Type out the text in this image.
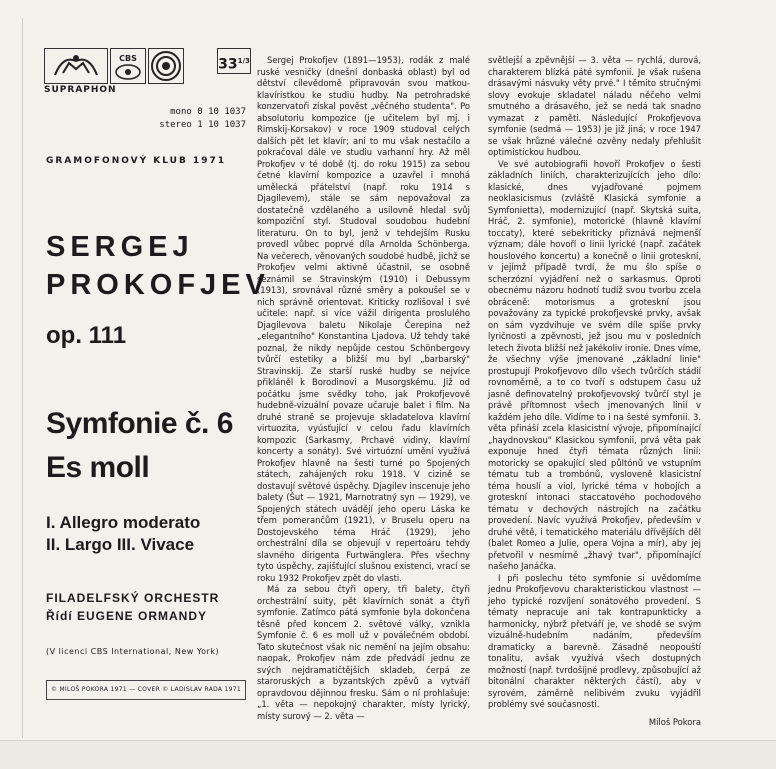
CBS	$33^{1/3}$
SUPRAPHON
mono 0 10 1037
stereo 1 10 1037
GRAMOFONOVÝ KLUB 1971
SERGEJ
PROKOFJEV
op. 111
Symfonie č. 6
Es moll
I. Allegro moderato
II. Largo III. Vivace
FILADELFSKÝ ORCHESTR
Řídí EUGENE ORMANDY
(V licenci CBS International, New York)
© MILOŠ POKORA 1971 — COVER © LADISLAV RADA 1971

Sergej Prokofjev (1891—1953), rodák z malé ruské vesničky (dnešní donbaská oblast) byl od dětství cílevědomě připravován svou matkou-klavíristkou ke studiu hudby. Na petrohradské konzervatoři získal pověst „věčného studenta". Po absolutoriu kompozice (je učitelem byl mj. i Rimskij-Korsakov) v roce 1909 studoval celých dalších pět let klavír; ani to mu však nestačilo a pokračoval dále ve studiu varhanní hry. Až měl Prokofjev v té době (tj. do roku 1915) za sebou četné klavírní kompozice a uzavřel i mnohá umělecká přátelství (např. roku 1914 s Djagilevem), stále se sám nepovažoval za dostatečně vzdělaného a usilovně hledal svůj kompoziční styl. Studoval soudobou hudební literaturu. On to byl, jenž v tehdejším Rusku provedl vůbec poprvé díla Arnolda Schönberga. Na večerech, věnovaných soudobé hudbě, jichž se Prokofjev velmi aktivně účastnil, se osobně seznámil se Stravinským (1910) i Debussym (1913), srovnával různé směry a pokoušel se v nich správně orientovat. Kriticky rozlišoval i své učitele: např. si více vážil dirigenta proslulého Djagilevova baletu Nikolaje Čerepina než „elegantního" Konstantina Ljadova. Už tehdy také poznal, že nikdy nepůjde cestou Schönbergovy tvůrčí estetiky a bližší mu byl „barbarský" Stravinskij. Ze starší ruské hudby se nejvíce přikláněl k Borodinovi a Musorgskému. Již od počátku jsme svědky toho, jak Prokofjevově hudebně-vizuální povaze učaruje balet i film. Na druhé straně se projevuje skladatelova klavírní virtuozita, vyúsťující v celou řadu klavírních kompozic (Sarkasmy, Prchavé vidiny, klavírní koncerty a sonáty). Své virtuózní umění využívá Prokofjev hlavně na šesti turné po Spojených státech, zahájených roku 1918. V cizině se dostavují světové úspěchy. Djagilev inscenuje jeho balety (Šut — 1921, Marnotratný syn — 1929), ve Spojených státech uvádějí jeho operu Láska ke třem pomerančům (1921), v Bruselu operu na Dostojevského téma Hráč (1929), jeho orchestrální díla se objevují v repertoáru tehdy slavného dirigenta Furtwänglera. Přes všechny tyto úspěchy, zajišťující slušnou existenci, vrací se roku 1932 Prokofjev zpět do vlasti.

Má za sebou čtyři opery, tři balety, čtyři orchestrální suity, pět klavírních sonát a čtyři symfonie. Zatímco pátá symfonie byla dokončena těsně před koncem 2. světové války, vznikla Symfonie č. 6 es moll už v poválečném období. Tato skutečnost však nic nemění na jejím obsahu: naopak, Prokofjev nám zde předvádí jednu ze svých nejdramatičtějších skladeb, čerpá ze staroruských a byzantských zpěvů a vytváří opravdovou dějinnou fresku. Sám o ní prohlašuje: „1. věta — nepokojný charakter, místy lyrický, místy surový — 2. věta —

světlejší a zpěvnější — 3. věta — rychlá, durová, charakterem blízká páté symfonii. Je však rušena drásavými násvuky věty prvé." I těmito stručnými slovy evokuje skladatel náladu něčeho velmi smutného a drásavého, jež se nedá tak snadno vymazat z paměti. Následující Prokofjevova symfonie (sedmá — 1953) je již jiná; v roce 1947 se však hrůzné válečné ozvěny nedaly přehlušit optimistickou hudbou.

Ve své autobiografii hovoří Prokofjev o šesti základních liniích, charakterizujících jeho dílo: klasické, dnes vyjadřované pojmem neoklasicismus (zvláště Klasická symfonie a Symfonietta), modernizující (např. Skytská suita, Hráč, 2. symfonie), motorické (hlavně klavírní toccaty), které sebekriticky přiznává nejmenší význam; dále hovoří o linii lyrické (např. začátek houslového koncertu) a konečně o linii groteskní, v jejímž případě tvrdí, že mu šlo spíše o scherzózní vyjádření než o sarkasmus. Oproti obecnému názoru hodnotí tudíž svou tvorbu zcela obráceně: motorismus a groteskní jsou považovány za typické prokofjevské prvky, avšak on sám vyzdvihuje ve svém díle spíše prvky lyričnosti a zpěvnosti, jež jsou mu v posledních letech života bližší než jakékoliv ironie. Dnes víme, že všechny výše jmenované „základní linie" prostupují Prokofjevovo dílo všech tvůrčích stádií rovnoměrně, a to co tvoří s odstupem času už jasně definovatelný prokofjevovský tvůrčí styl je právě přítomnost všech jmenovaných linií v každém jeho díle. Vidíme to i na šesté symfonii. 3. věta přináší zcela klasicistní vývoje, připomínající „haydnovskou" Klasickou symfonii, prvá věta pak exponuje hned čtyři témata různých linií: motoricky se opakující sled půltónů ve vstupním tématu tub a trombónů, vysloveně klasicistní téma houslí a viol, lyrické téma v hobojích a groteskní intonaci staccatového pochodového tématu v dechových nástrojích na začátku provedení. Navíc využívá Prokofjev, především v druhé větě, i tematického materiálu dřívějších děl (balet Romeo a Julie, opera Vojna a mír), aby jej přetvořil v nesmírně „žhavý tvar", připomínající našeho Janáčka.

I při poslechu této symfonie si uvědomíme jednu Prokofjevovu charakteristickou vlastnost — jeho typické rozvíjení sonátového provedení. S tématy nepracuje ani tak kontrapunkticky a harmonicky, nýbrž přetváří je, ve shodě se svým vizuálně-hudebním nadáním, především dramaticky a barevně. Zásadně neopouští tonalitu, avšak využívá všech dostupných možností (např. tvrdošíjné prodlevy, způsobující až bitonální charakter některých částí), aby v syrovém, záměrně nelibivém zvuku vyjádřil problémy své současnosti.

Miloš Pokora
